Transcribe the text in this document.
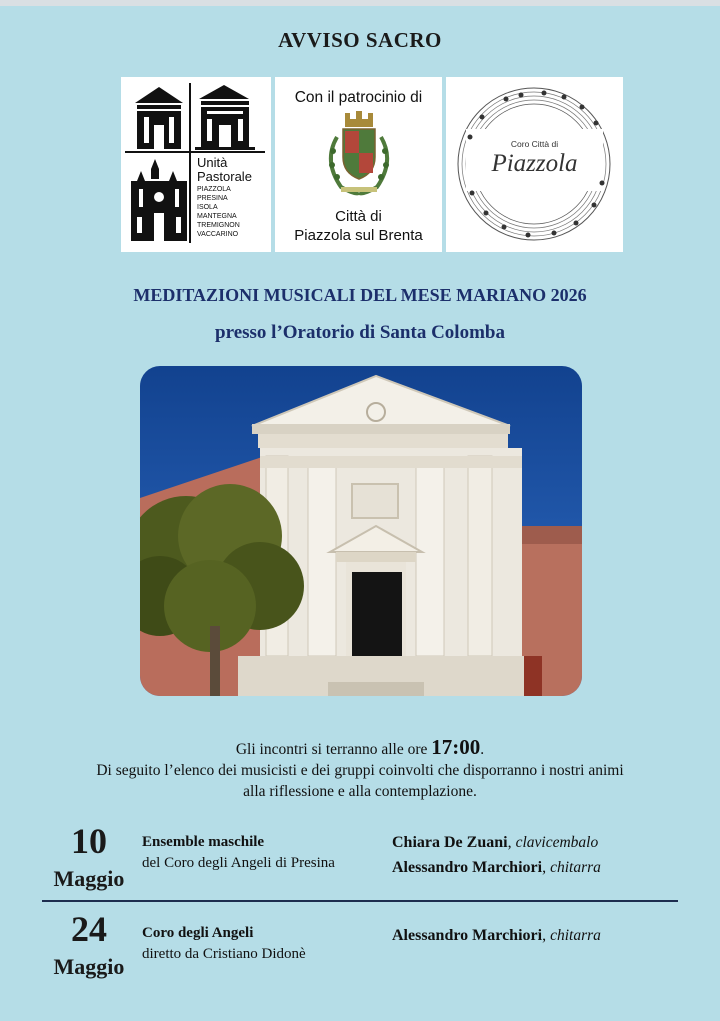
AVVISO SACRO
Unità
Pastorale
PIAZZOLA
PRESINA
ISOLA
MANTEGNA
TREMIGNON
VACCARINO
Con il patrocinio di
Città di
Piazzola sul Brenta
Coro Città di
Piazzola
MEDITAZIONI MUSICALI DEL MESE MARIANO 2026
presso l’Oratorio di Santa Colomba
Gli incontri si terranno alle ore 17:00.
Di seguito l’elenco dei musicisti e dei gruppi coinvolti che disporranno i nostri animi
alla riflessione e alla contemplazione.
10
Maggio
Ensemble maschile
del Coro degli Angeli di Presina
Chiara De Zuani, clavicembalo
Alessandro Marchiori, chitarra
24
Maggio
Coro degli Angeli
diretto da Cristiano Didonè
Alessandro Marchiori, chitarra
